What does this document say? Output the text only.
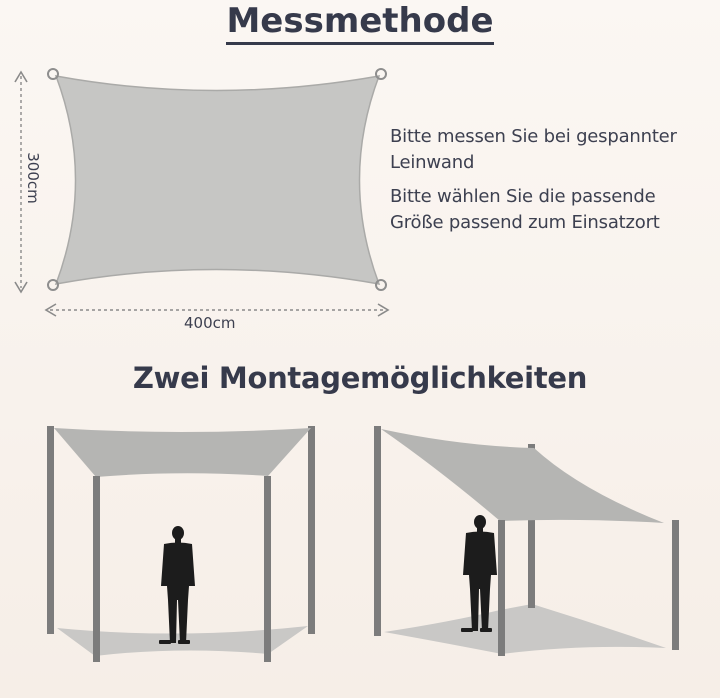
Messmethode
Bitte messen Sie bei gespannter
Leinwand
Bitte wählen Sie die passende
Größe passend zum Einsatzort
400cm
300cm
Zwei Montagemöglichkeiten
